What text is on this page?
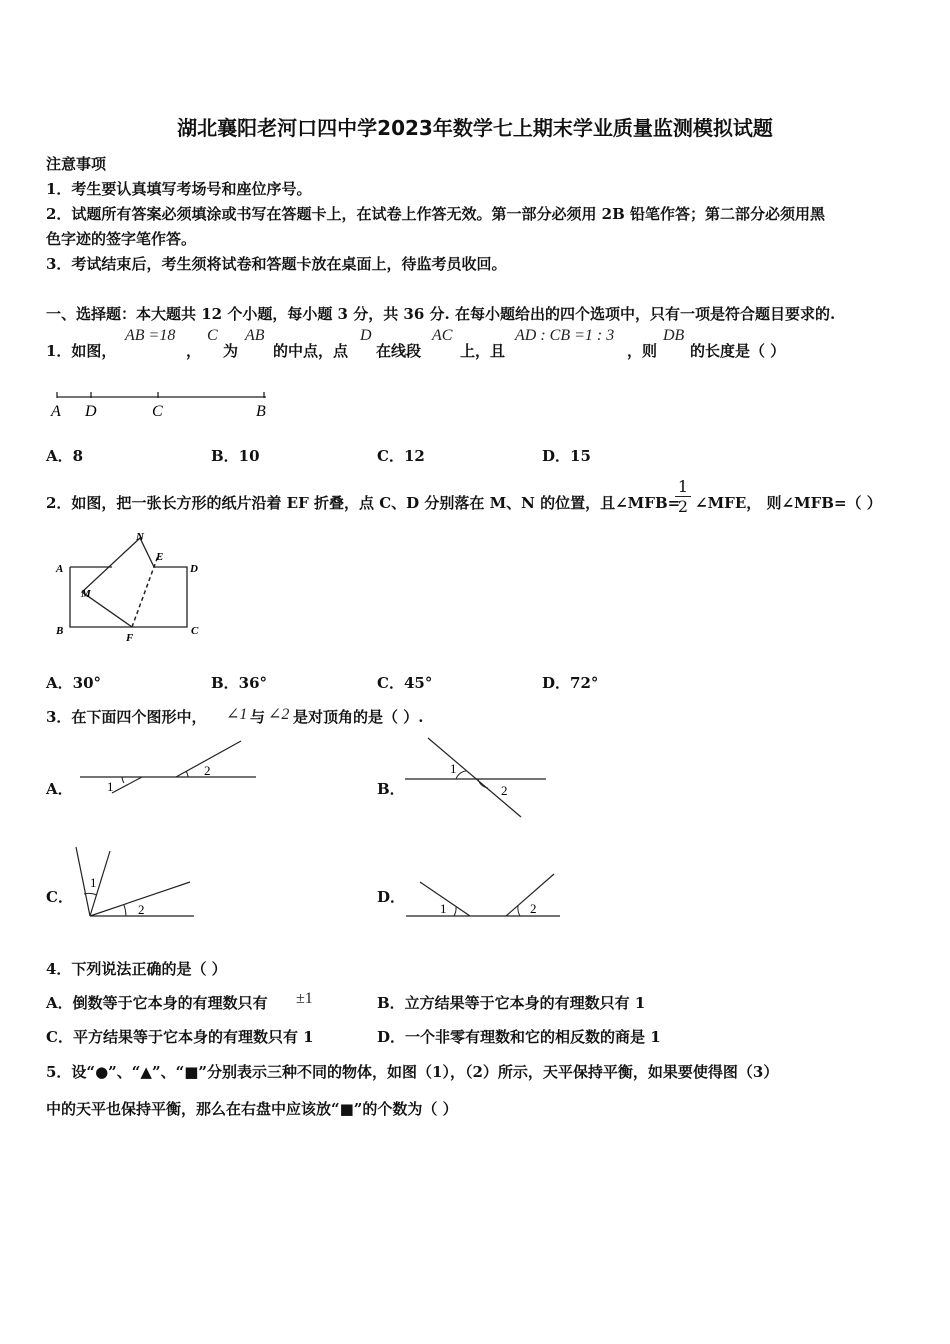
湖北襄阳老河口四中学2023年数学七上期末学业质量监测模拟试题
注意事项
1．考生要认真填写考场号和座位序号。
2．试题所有答案必须填涂或书写在答题卡上，在试卷上作答无效。第一部分必须用 2B 铅笔作答；第二部分必须用黑
色字迹的签字笔作答。
3．考试结束后，考生须将试卷和答题卡放在桌面上，待监考员收回。
一、选择题：本大题共 12 个小题，每小题 3 分，共 36 分. 在每小题给出的四个选项中，只有一项是符合题目要求的.
1．如图，
AB =18
，
C
为
AB
的中点，点
D
在线段
AC
上，且
AD : CB =1 : 3
，则
DB
的长度是（ ）
A D	C	B
A．8	B．10	C．12	D．15
2．如图，把一张长方形的纸片沿着 EF 折叠，点 C、D 分别落在 M、N 的位置，且∠MFB=
1
2 ∠MFE， 则∠MFB=（ ）
N
E
A	D
M
B
F
C
A．30°	B．36°	C．45°	D．72°
3．在下面四个图形中， ∠1 与 ∠2 是对顶角的是（ ）.
A．	1
2
B．
1
2
C．
1
2
D．
1	2
4．下列说法正确的是（ ）
A．倒数等于它本身的有理数只有 ±1	B．立方结果等于它本身的有理数只有 1
C．平方结果等于它本身的有理数只有 1	D．一个非零有理数和它的相反数的商是 1
5．设“●”、“▲”、“■”分别表示三种不同的物体，如图（1），（2）所示，天平保持平衡，如果要使得图（3）
中的天平也保持平衡，那么在右盘中应该放“■”的个数为（ ）
